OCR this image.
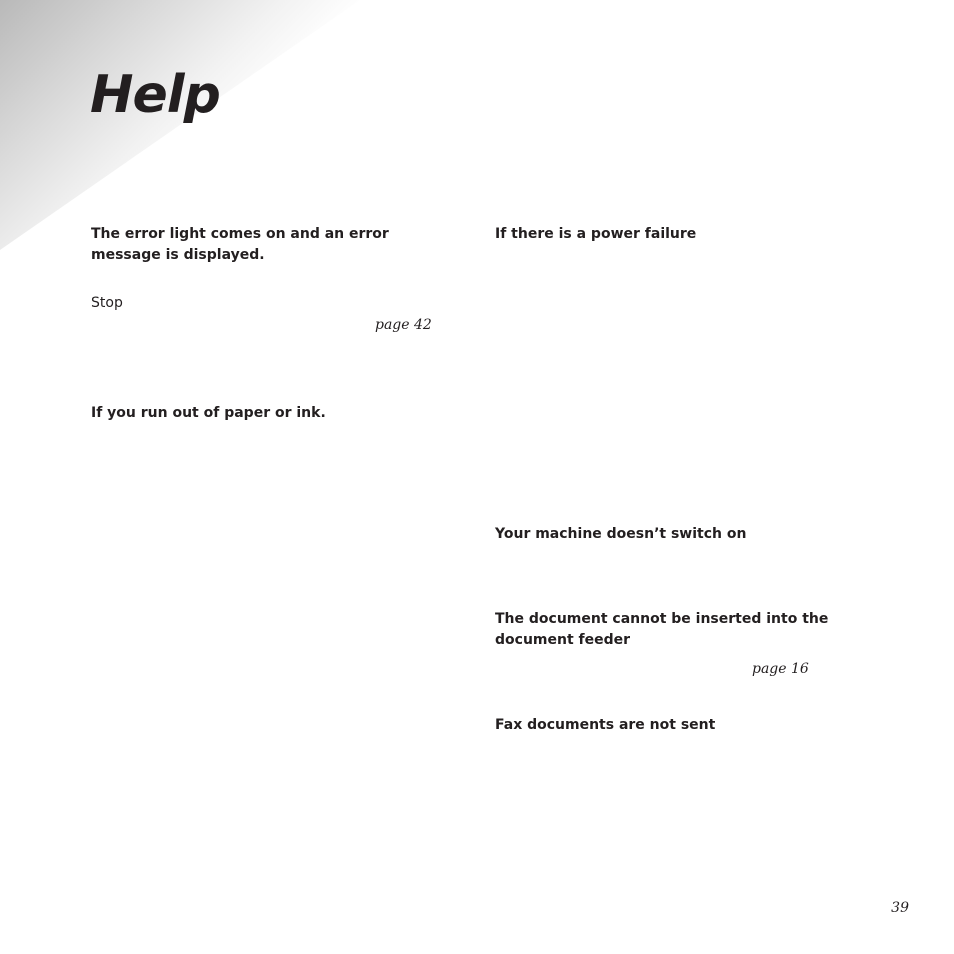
Help

The error light comes on and an error message is displayed.

Stop

page 42

If you run out of paper or ink.

If there is a power failure

Your machine doesn’t switch on

The document cannot be inserted into the document feeder

page 16

Fax documents are not sent

39
